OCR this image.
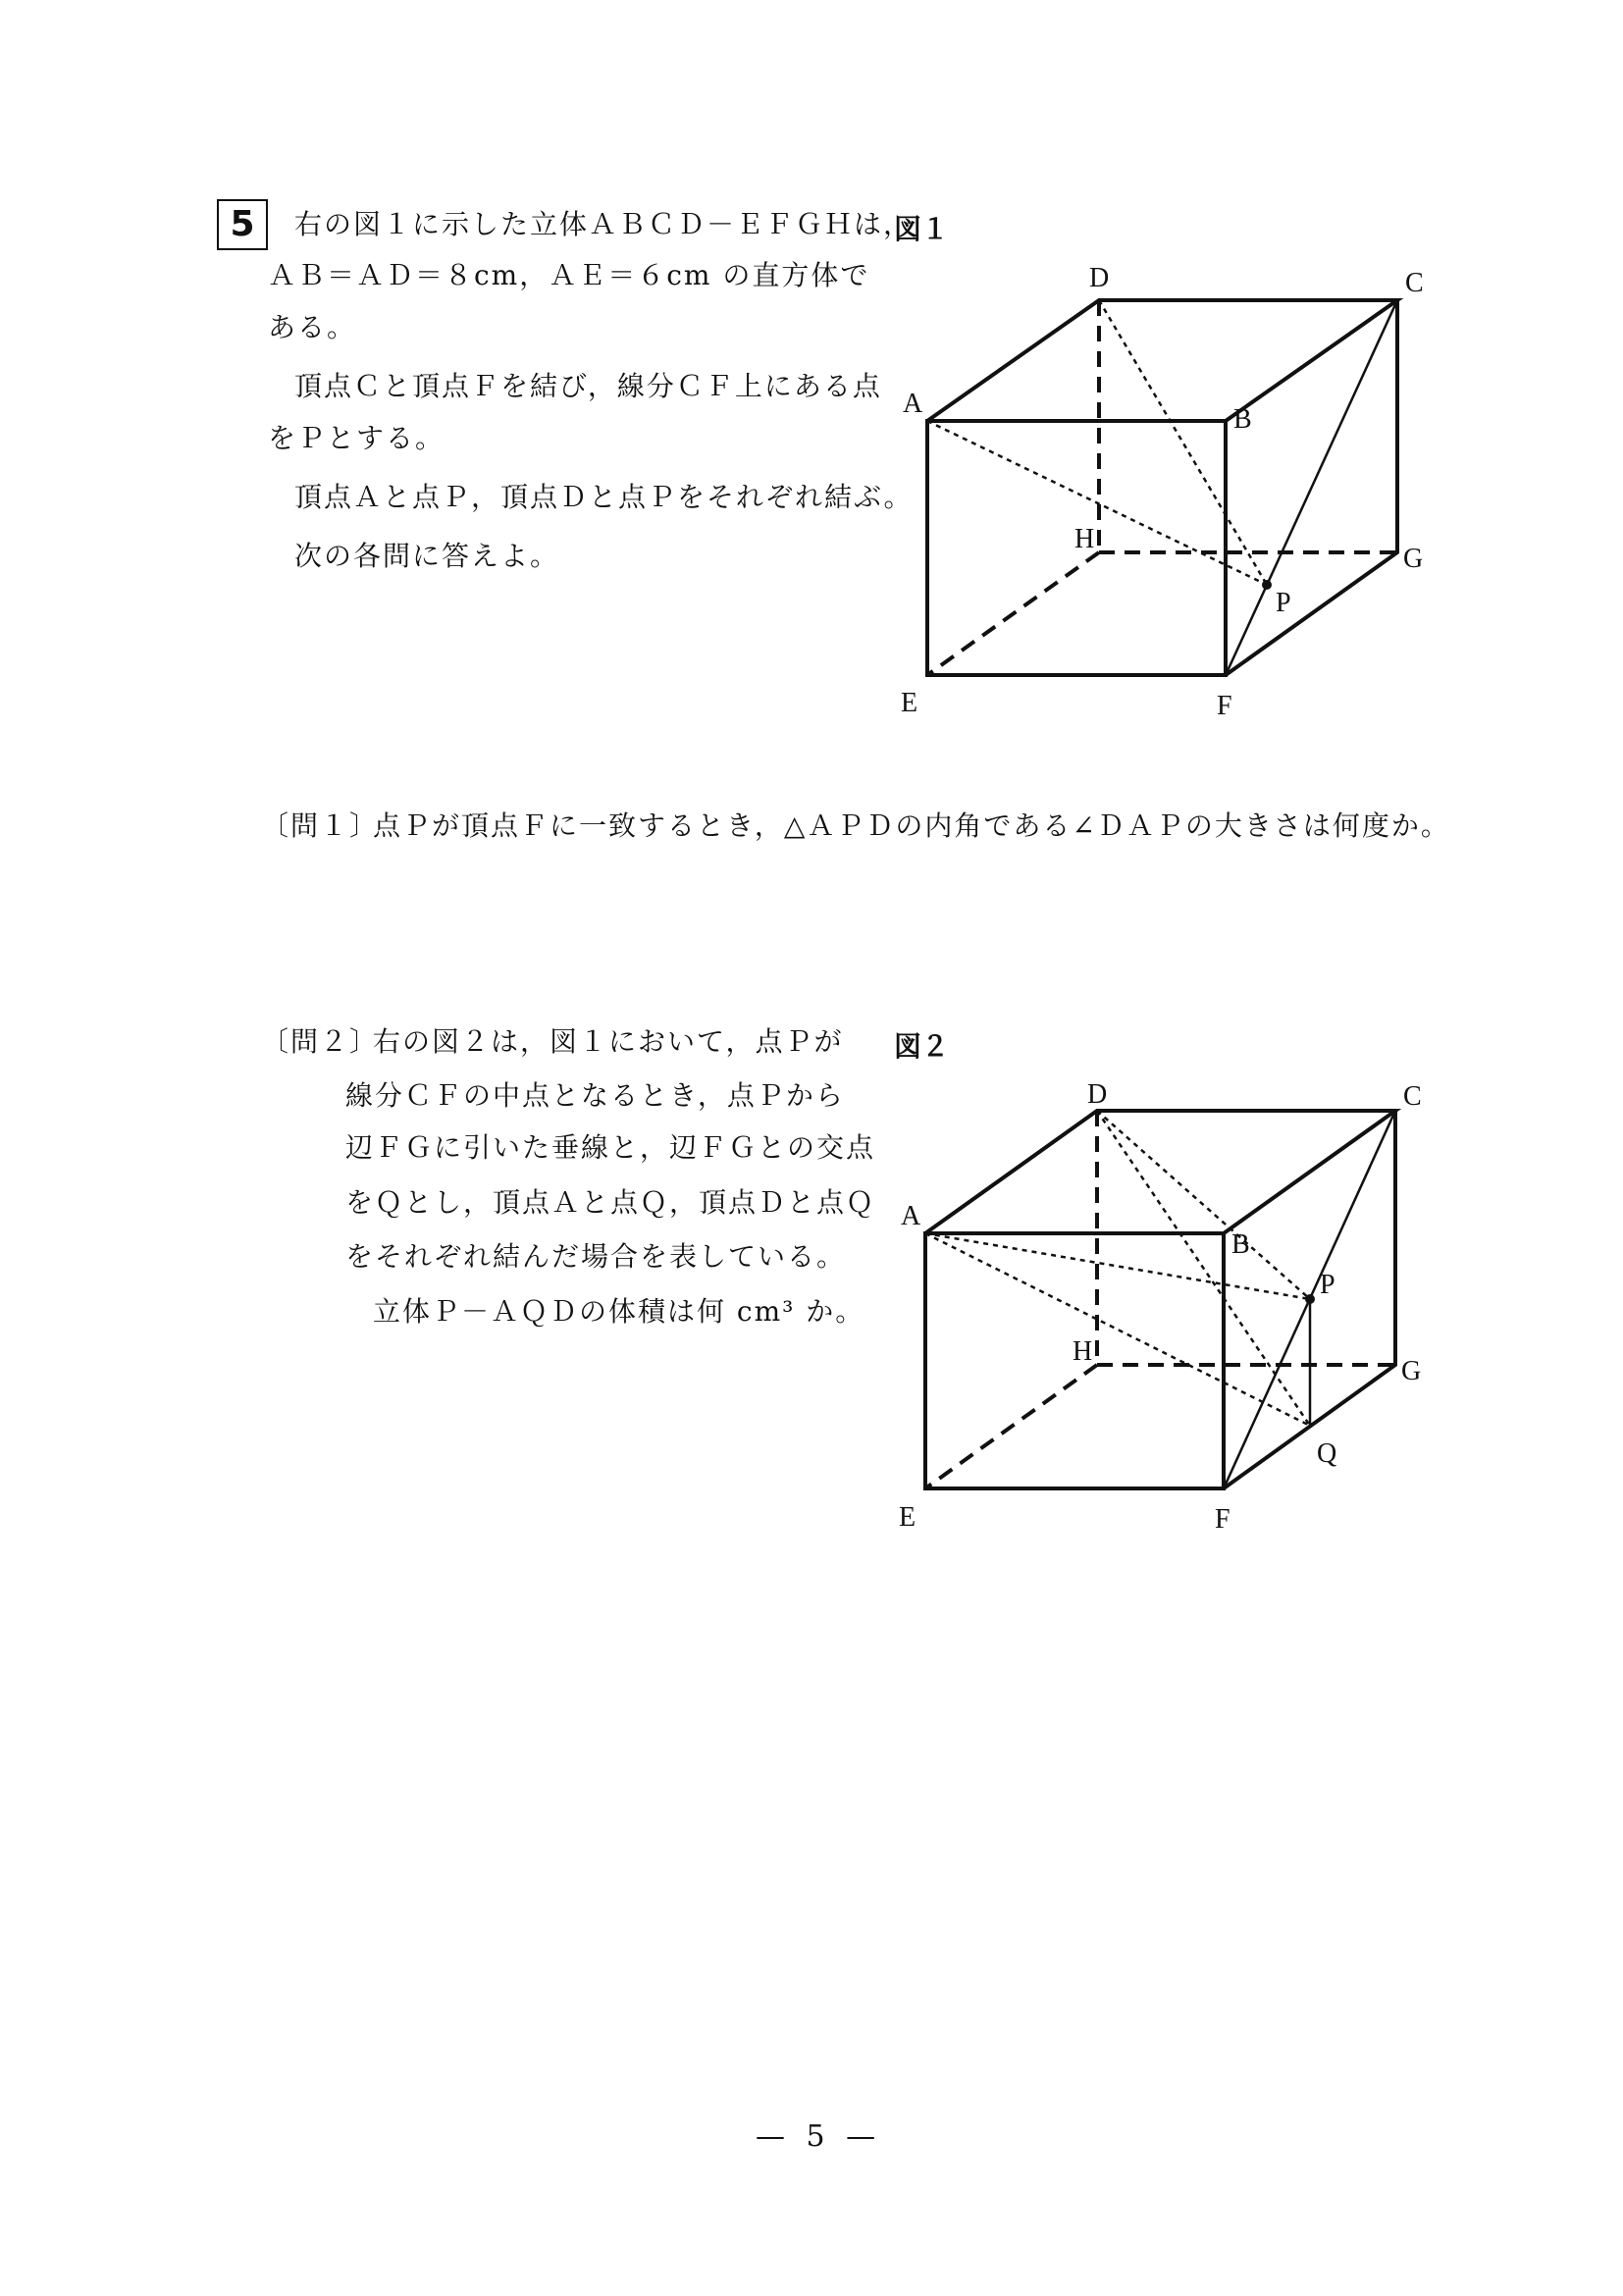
5	右の図１に示した立体ＡＢＣＤ－ＥＦＧＨは，
ＡＢ＝ＡＤ＝８cm，ＡＥ＝６cm の直方体で
ある。
頂点Ｃと頂点Ｆを結び，線分ＣＦ上にある点
をＰとする。
頂点Ａと点Ｐ，頂点Ｄと点Ｐをそれぞれ結ぶ。
次の各問に答えよ。
図１
〔問１〕
点Ｐが頂点Ｆに一致するとき，△ＡＰＤの内角である∠ＤＡＰの大きさは何度か。
〔問２〕
右の図２は，図１において，点Ｐが
線分ＣＦの中点となるとき，点Ｐから
辺ＦＧに引いた垂線と，辺ＦＧとの交点
をＱとし，頂点Ａと点Ｑ，頂点Ｄと点Ｑ
をそれぞれ結んだ場合を表している。
立体Ｐ－ＡＱＤの体積は何 cm³ か。
図２
A
B
C
D
E	F
G
H
P
A
B
C
D
E	F
G
H
P
Q
— 5 —
